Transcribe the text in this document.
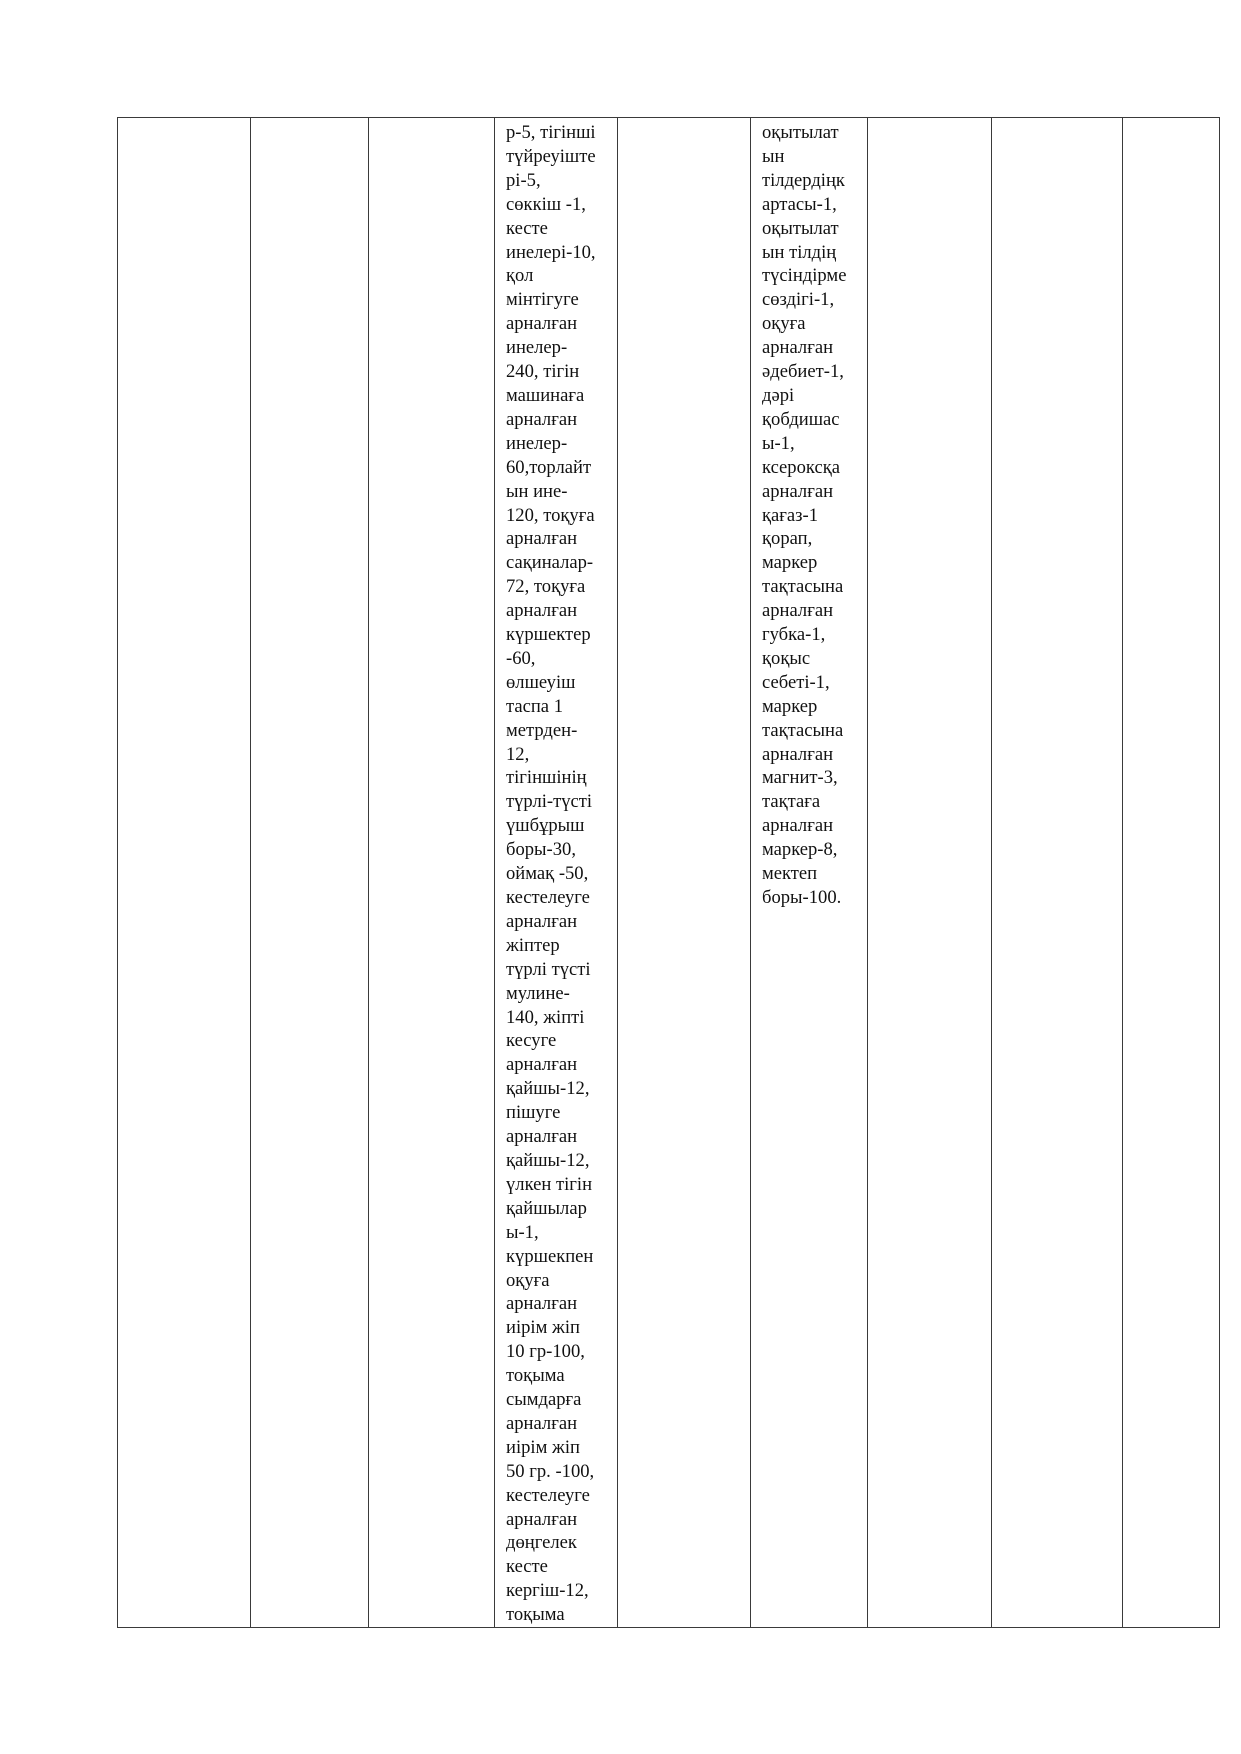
р-5, тігінші
түйреуіште
рі-5,
сөккіш -1,
кесте
инелері-10,
қол
мінтігуге
арналған
инелер-
240, тігін
машинаға
арналған
инелер-
60,торлайт
ын ине-
120, тоқуға
арналған
сақиналар-
72, тоқуға
арналған
күршектер
-60,
өлшеуіш
таспа 1
метрден-
12,
тігіншінің
түрлі-түсті
үшбұрыш
боры-30,
оймақ -50,
кестелеуге
арналған
жіптер
түрлі түсті
мулине-
140, жіпті
кесуге
арналған
қайшы-12,
пішуге
арналған
қайшы-12,
үлкен тігін
қайшылар
ы-1,
күршекпен
оқуға
арналған
иірім жіп
10 гр-100,
тоқыма
сымдарға
арналған
иірім жіп
50 гр. -100,
кестелеуге
арналған
дөңгелек
кесте
кергіш-12,
тоқыма

оқытылат
ын
тілдердіңк
артасы-1,
оқытылат
ын тілдің
түсіндірме
сөздігі-1,
оқуға
арналған
әдебиет-1,
дәрі
қобдишас
ы-1,
ксероксқа
арналған
қағаз-1
қорап,
маркер
тақтасына
арналған
губка-1,
қоқыс
себеті-1,
маркер
тақтасына
арналған
магнит-3,
тақтаға
арналған
маркер-8,
мектеп
боры-100.
